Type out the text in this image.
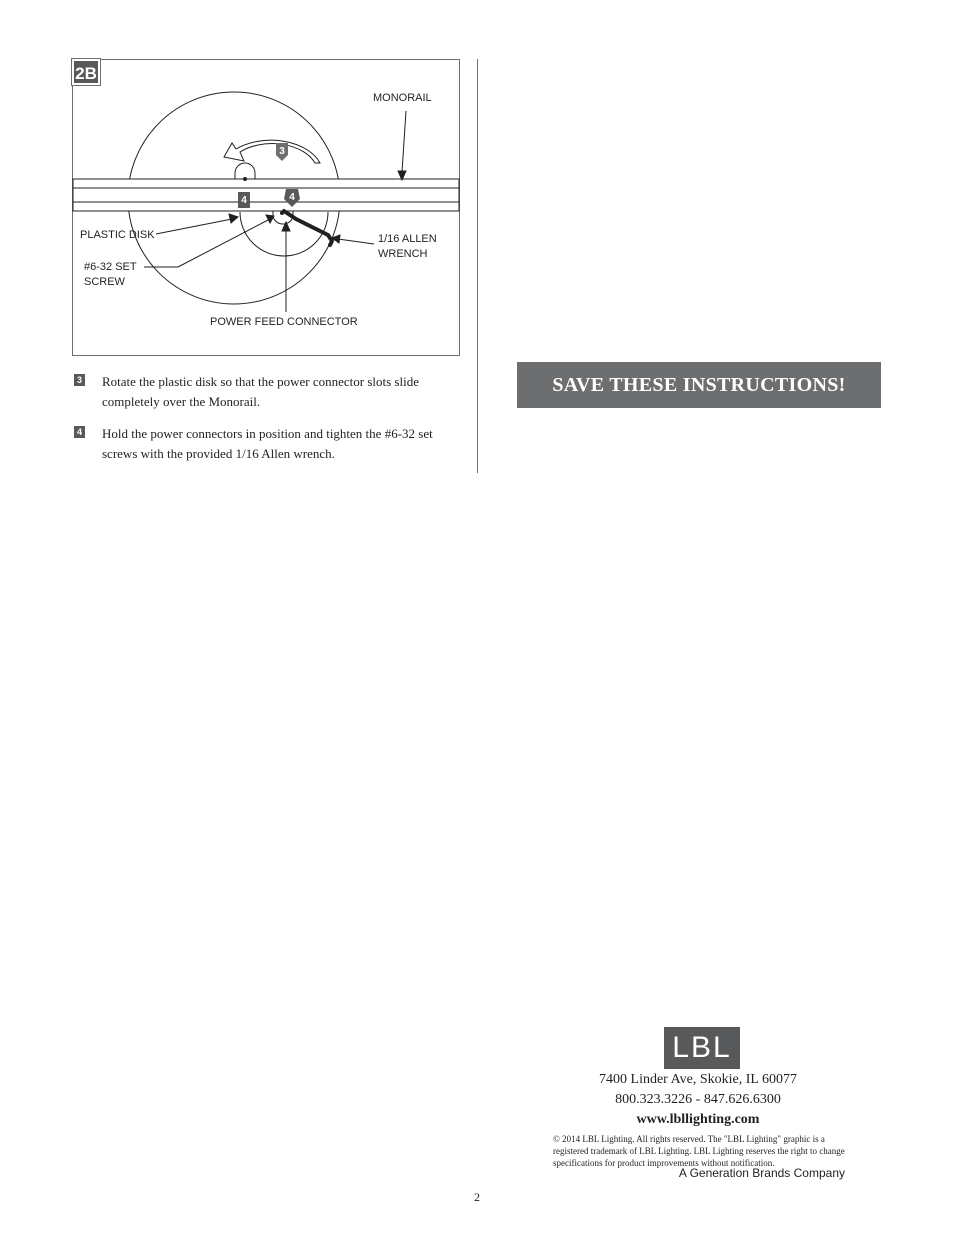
3
4	4
2B
MONORAIL
PLASTIC DISK
#6-32 SET
SCREW
1/16 ALLEN
WRENCH
POWER FEED CONNECTOR
3 Rotate the plastic disk so that the power connector slots slide completely over the Monorail.
4 Hold the power connectors in position and tighten the #6-32 set screws with the provided 1/16 Allen wrench.
SAVE THESE INSTRUCTIONS!
LBL
7400 Linder Ave, Skokie, IL 60077
800.323.3226 - 847.626.6300
www.lbllighting.com
© 2014 LBL Lighting. All rights reserved. The "LBL Lighting" graphic is a registered trademark of LBL Lighting. LBL Lighting reserves the right to change specifications for product improvements without notification.
A Generation Brands Company
2
